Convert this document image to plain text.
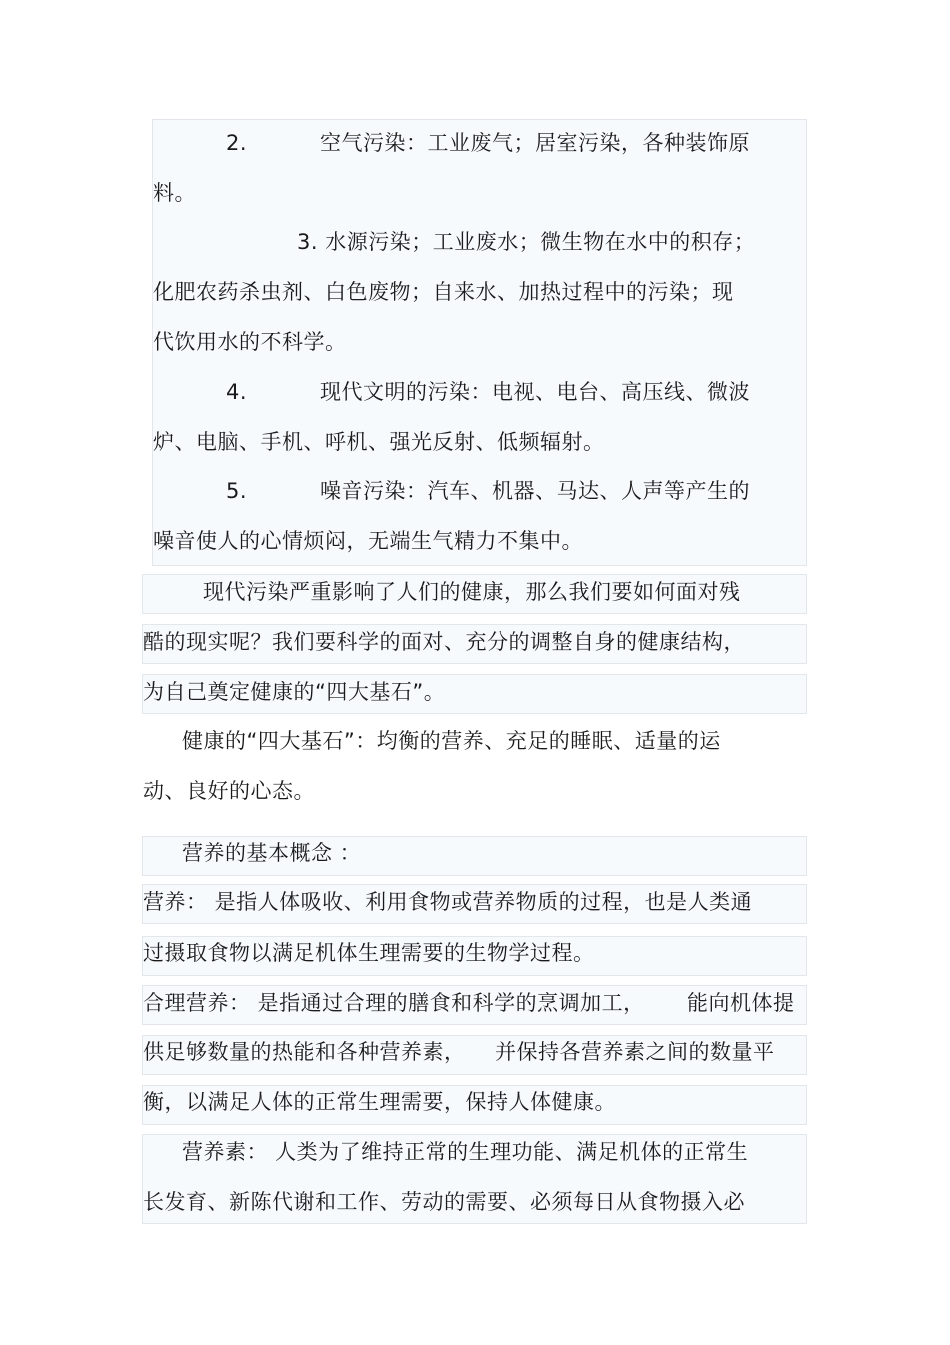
2.	空气污染：工业废气；居室污染，各种装饰原
料。
3. 水源污染；工业废水；微生物在水中的积存；
化肥农药杀虫剂、白色废物；自来水、加热过程中的污染；现
代饮用水的不科学。
4.	现代文明的污染：电视、电台、高压线、微波
炉、电脑、手机、呼机、强光反射、低频辐射。
5.	噪音污染：汽车、机器、马达、人声等产生的
噪音使人的心情烦闷，无端生气精力不集中。
现代污染严重影响了人们的健康，那么我们要如何面对残
酷的现实呢？我们要科学的面对、充分的调整自身的健康结构，
为自己奠定健康的“四大基石”。
健康的“四大基石”：均衡的营养、充足的睡眠、适量的运
动、良好的心态。
营养的基本概念 ：
营养： 是指人体吸收、利用食物或营养物质的过程，也是人类通
过摄取食物以满足机体生理需要的生物学过程。
合理营养： 是指通过合理的膳食和科学的烹调加工， 能向机体提
供足够数量的热能和各种营养素， 并保持各营养素之间的数量平
衡，以满足人体的正常生理需要，保持人体健康。
营养素： 人类为了维持正常的生理功能、满足机体的正常生
长发育、新陈代谢和工作、劳动的需要、必须每日从食物摄入必
